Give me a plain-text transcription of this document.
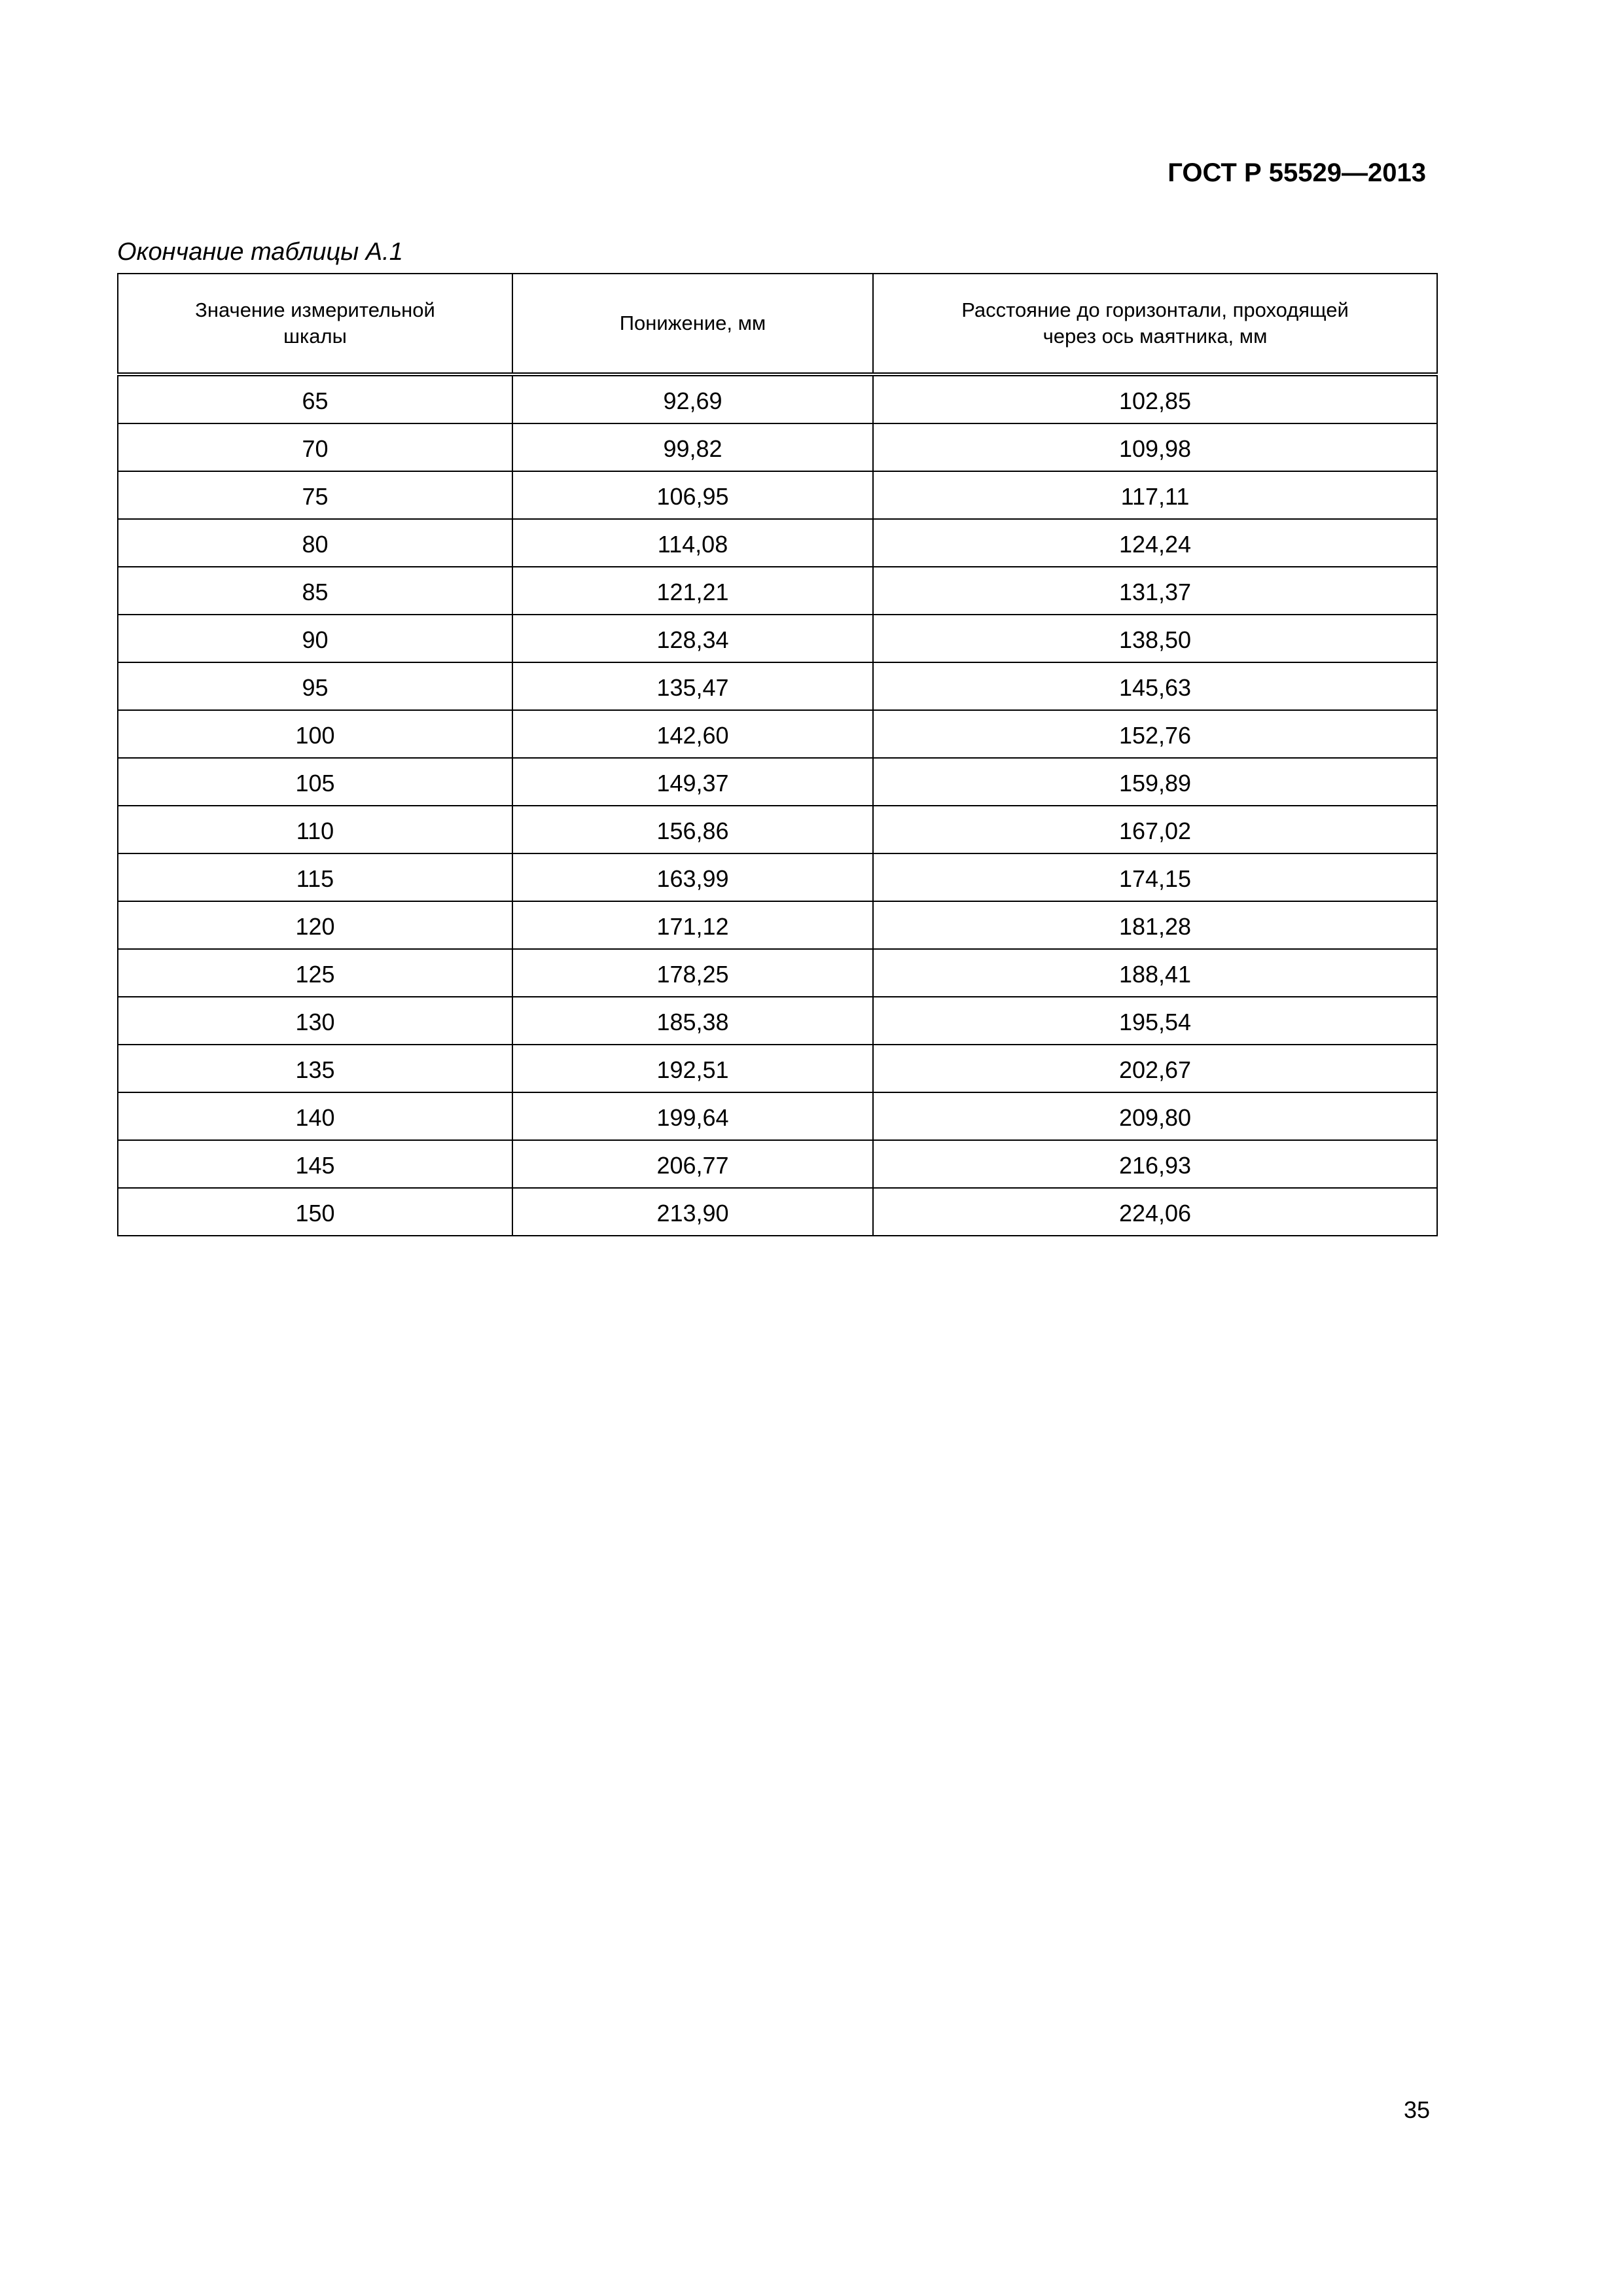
ГОСТ Р 55529—2013
Окончание таблицы А.1
Значение измерительной шкалы	Понижение, мм	Расстояние до горизонтали, проходящей через ось маятника, мм
65	92,69	102,85
70	99,82	109,98
75	106,95	117,11
80	114,08	124,24
85	121,21	131,37
90	128,34	138,50
95	135,47	145,63
100	142,60	152,76
105	149,37	159,89
110	156,86	167,02
115	163,99	174,15
120	171,12	181,28
125	178,25	188,41
130	185,38	195,54
135	192,51	202,67
140	199,64	209,80
145	206,77	216,93
150	213,90	224,06
35
